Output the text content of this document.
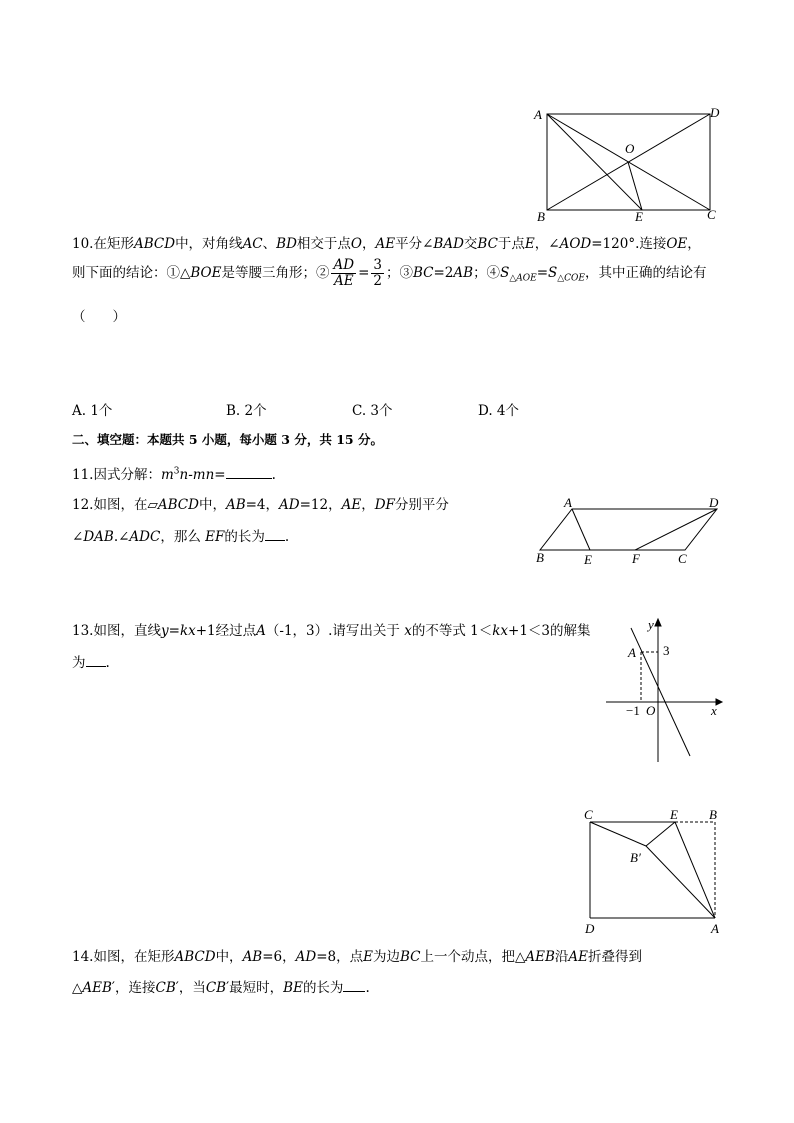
A	D
O
B	E	C
10.在矩形ABCD中，对角线AC、BD相交于点O，AE平分∠BAD交BC于点E，∠AOD=120°.连接OE，
则下面的结论：①△BOE是等腰三角形；② $\frac{AD}{AE} = \frac{3}{2}$ ；③BC=2AB；$④S_{\triangle AOE}=S_{\triangle COE}$，其中正确的结论有
（　　）
A. 1个	B. 2个	C. 3个	D. 4个
二、填空题：本题共 5 小题，每小题 3 分，共 15 分。
11.因式分解：$m^3n-mn=$	.
A	D
B	E	F	C
12.如图，在▱ABCD中，AB=4，AD=12，AE，DF分别平分
∠DAB.∠ADC，那么 EF的长为 .
y
A 3
−1 O	x
13.如图，直线y=kx+1经过点A（-1，3）.请写出关于 x的不等式 1＜kx+1＜3的解集
为 .
C	E B
B′
D	A
14.如图，在矩形ABCD中，AB=6，AD=8，点E为边BC上一个动点，把△AEB沿AE折叠得到
△AEB′，连接CB′，当CB′最短时，BE的长为 .
